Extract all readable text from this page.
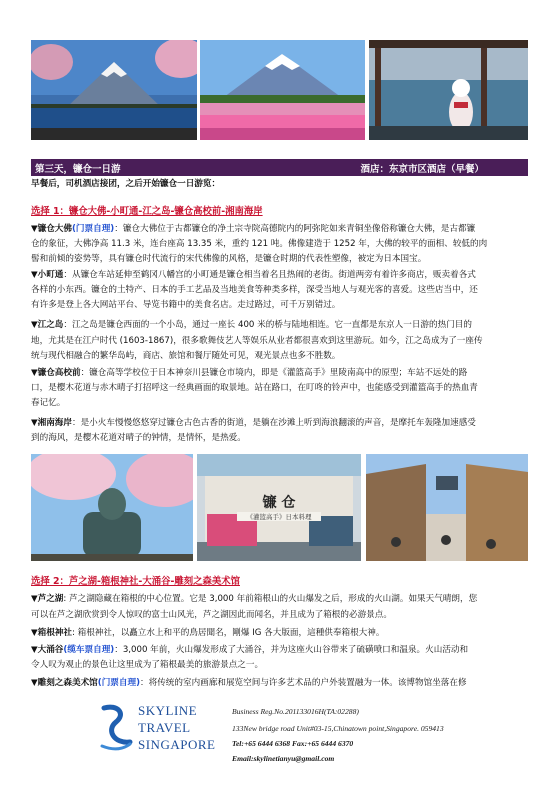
第三天，镰仓一日游	酒店：东京市区酒店（早餐）
早餐后，司机酒店接团，之后开始镰仓一日游览：
选择 1：镰仓大佛-小町通-江之岛-镰仓高校前-湘南海岸
▼镰仓大佛(门票自理)：镰仓大佛位于古都镰仓的净土宗寺院高德院内的阿弥陀如来青铜坐像俗称镰仓大佛，是古都镰
仓的象征，大佛净高 11.3 米，连台座高 13.35 米，重约 121 吨。佛像建造于 1252 年，大佛的较平的面相、较低的肉
髻和前倾的姿势等，具有镰仓时代流行的宋代佛像的风格，是镰仓时期的代表性塑像，被定为日本国宝。
▼小町通：从镰仓车站延伸至鹤冈八幡宫的小町通是镰仓相当着名且热闹的老街。街道两旁有着许多商店，贩卖着各式
各样的小东西。镰仓的土特产、日本的手工艺品及当地美食等种类多样，深受当地人与观光客的喜爱。这些店当中，还
有许多是登上各大网站平台、导览书籍中的美食名店。走过路过，可千万别错过。
▼江之岛：江之岛是镰仓西面的一个小岛，通过一座长 400 米的桥与陆地相连。它一直都是东京人一日游的热门目的
地，尤其是在江户时代 (1603-1867)，很多歌舞伎艺人等娱乐从业者都很喜欢到这里游玩。如今，江之岛成为了一座传
统与现代相融合的繁华岛屿，商店、旅馆和餐厅随处可见，观光景点也多不胜数。
▼镰仓高校前：镰仓高等学校位于日本神奈川县镰仓市境内，即是《灌篮高手》里陵南高中的原型；车站不远处的路
口，是樱木花道与赤木晴子打招呼这一经典画面的取景地。站在路口，在叮咚的铃声中，也能感受到灌篮高手的热血青
春记忆。
▼湘南海岸：是小火车慢慢悠悠穿过镰仓古色古香的街道，是躺在沙滩上听到海浪翻滚的声音，是摩托车轰隆加速感受
到的海风，是樱木花道对晴子的钟情，是情怀，是热爱。
镰 仓
《灌篮高手》日本料理
选择 2：芦之湖-箱根神社-大涌谷-雕刻之森美术馆
▼芦之湖: 芦之湖隐藏在箱根的中心位置。它是 3,000 年前箱根山的火山爆发之后，形成的火山湖。如果天气晴朗，您
可以在芦之湖欣赏到令人惊叹的富士山风光，芦之湖因此而闻名，并且成为了箱根的必游景点。
▼箱根神社: 箱根神社，以矗立水上和平的鳥居聞名，剛爆 IG 各大版面，這種供奉箱根大神。
▼大涌谷(缆车票自理)：3,000 年前，火山爆发形成了大涌谷，并为这座火山谷带来了硫磺喷口和温泉。火山活动和
令人叹为观止的景色让这里成为了箱根最美的旅游景点之一。
▼雕刻之森美术馆(门票自理)：将传统的室内画廊和展览空间与许多艺术品的户外装置融为一体。该博物馆坐落在修
SKYLINE
TRAVEL
SINGAPORE
Business Reg.No.201133016H(TA:02288)
133New bridge road Unit#03-15,Chinatown point,Singapore. 059413
Tel:+65 6444 6368 Fax:+65 6444 6370
Email:skylinetianyu@gmail.com
